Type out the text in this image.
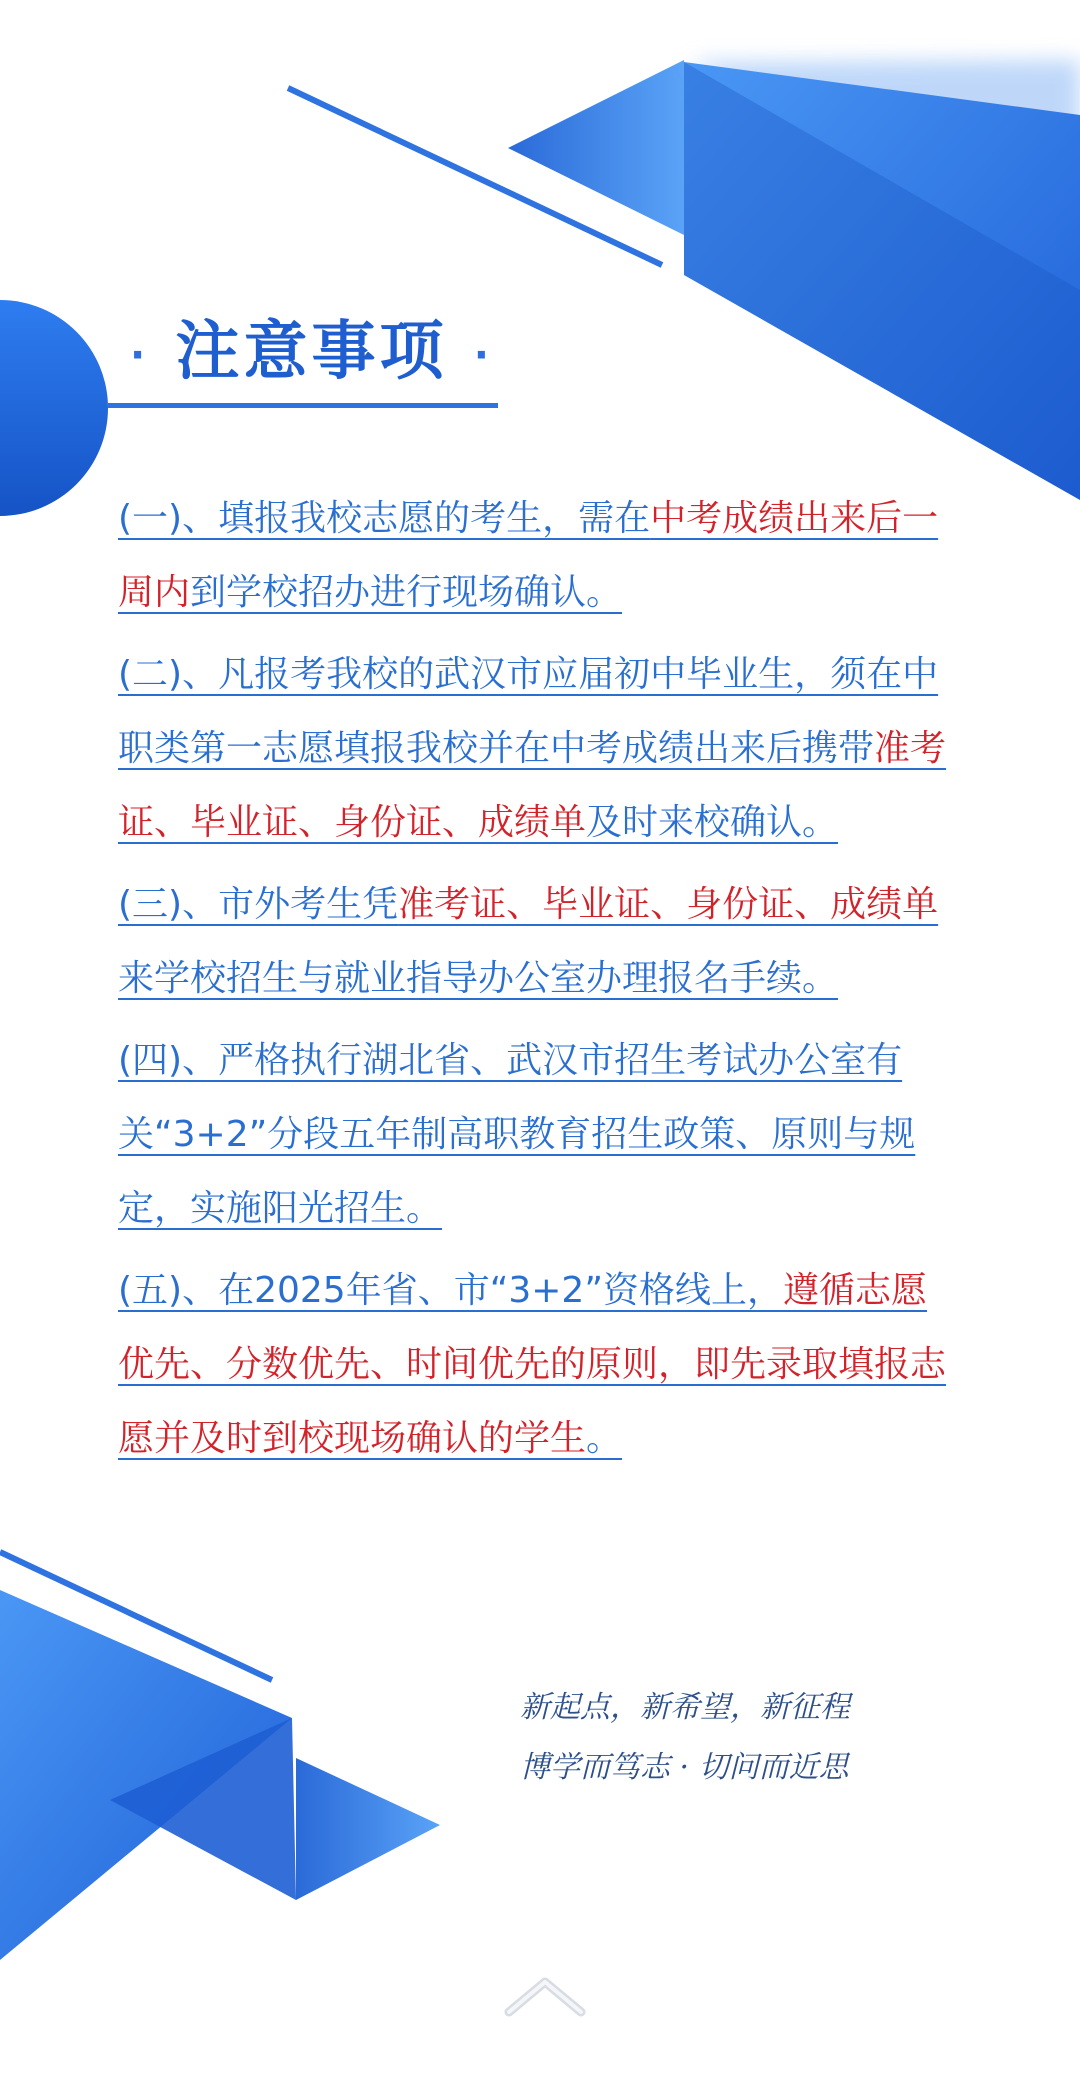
· 注意事项 ·

(一)、填报我校志愿的考生，需在中考成绩出来后一周内到学校招办进行现场确认。

(二)、凡报考我校的武汉市应届初中毕业生，须在中职类第一志愿填报我校并在中考成绩出来后携带准考证、毕业证、身份证、成绩单及时来校确认。

(三)、市外考生凭准考证、毕业证、身份证、成绩单来学校招生与就业指导办公室办理报名手续。

(四)、严格执行湖北省、武汉市招生考试办公室有关“3+2”分段五年制高职教育招生政策、原则与规定，实施阳光招生。

(五)、在2025年省、市“3+2”资格线上，遵循志愿优先、分数优先、时间优先的原则，即先录取填报志愿并及时到校现场确认的学生。

新起点，新希望，新征程
博学而笃志 · 切问而近思
